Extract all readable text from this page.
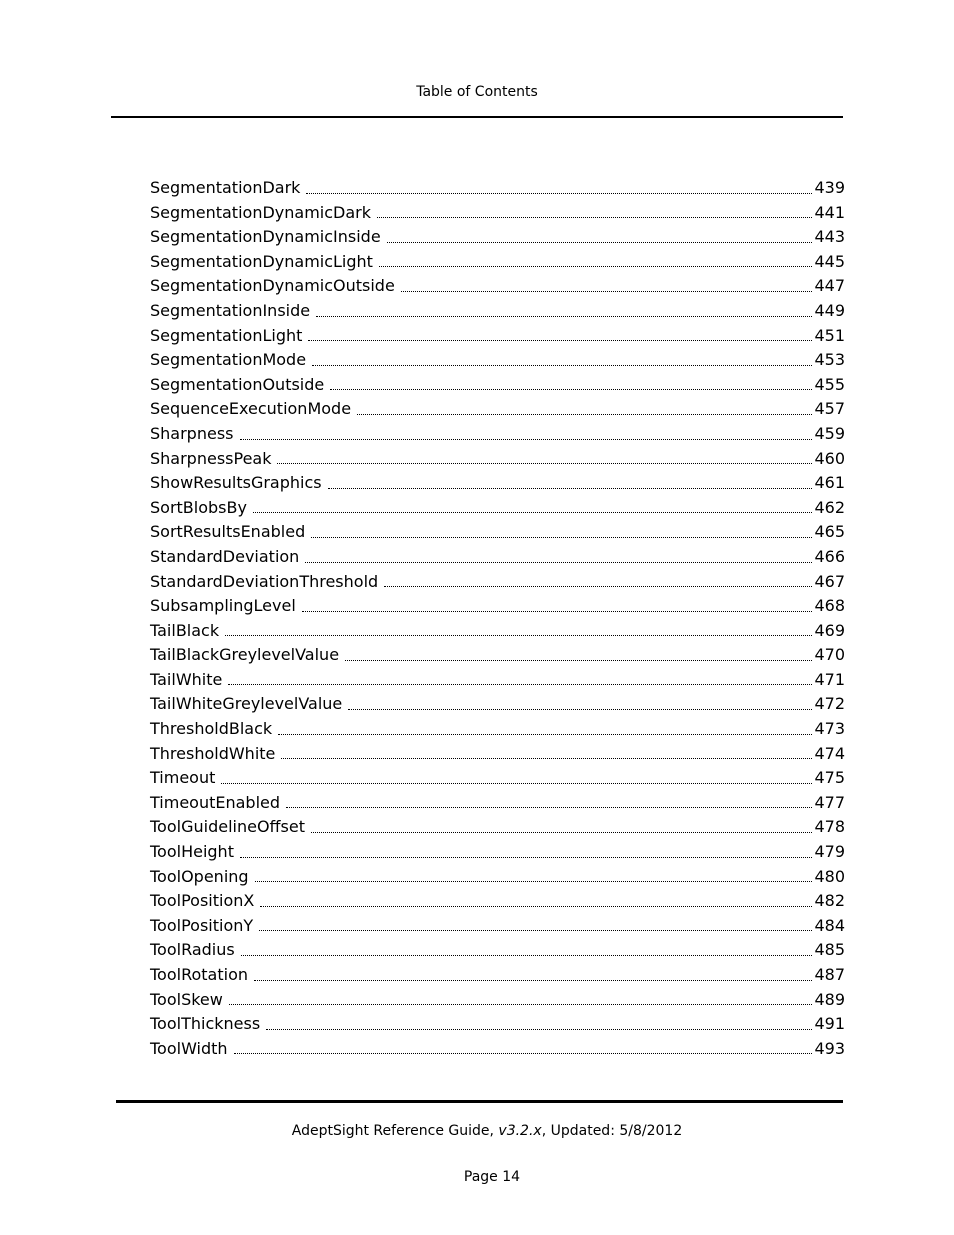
Table of Contents
SegmentationDark	439
SegmentationDynamicDark	441
SegmentationDynamicInside	443
SegmentationDynamicLight	445
SegmentationDynamicOutside	447
SegmentationInside	449
SegmentationLight	451
SegmentationMode	453
SegmentationOutside	455
SequenceExecutionMode	457
Sharpness	459
SharpnessPeak	460
ShowResultsGraphics	461
SortBlobsBy	462
SortResultsEnabled	465
StandardDeviation	466
StandardDeviationThreshold	467
SubsamplingLevel	468
TailBlack	469
TailBlackGreylevelValue	470
TailWhite	471
TailWhiteGreylevelValue	472
ThresholdBlack	473
ThresholdWhite	474
Timeout	475
TimeoutEnabled	477
ToolGuidelineOffset	478
ToolHeight	479
ToolOpening	480
ToolPositionX	482
ToolPositionY	484
ToolRadius	485
ToolRotation	487
ToolSkew	489
ToolThickness	491
ToolWidth	493
AdeptSight Reference Guide, v3.2.x, Updated: 5/8/2012
Page 14
